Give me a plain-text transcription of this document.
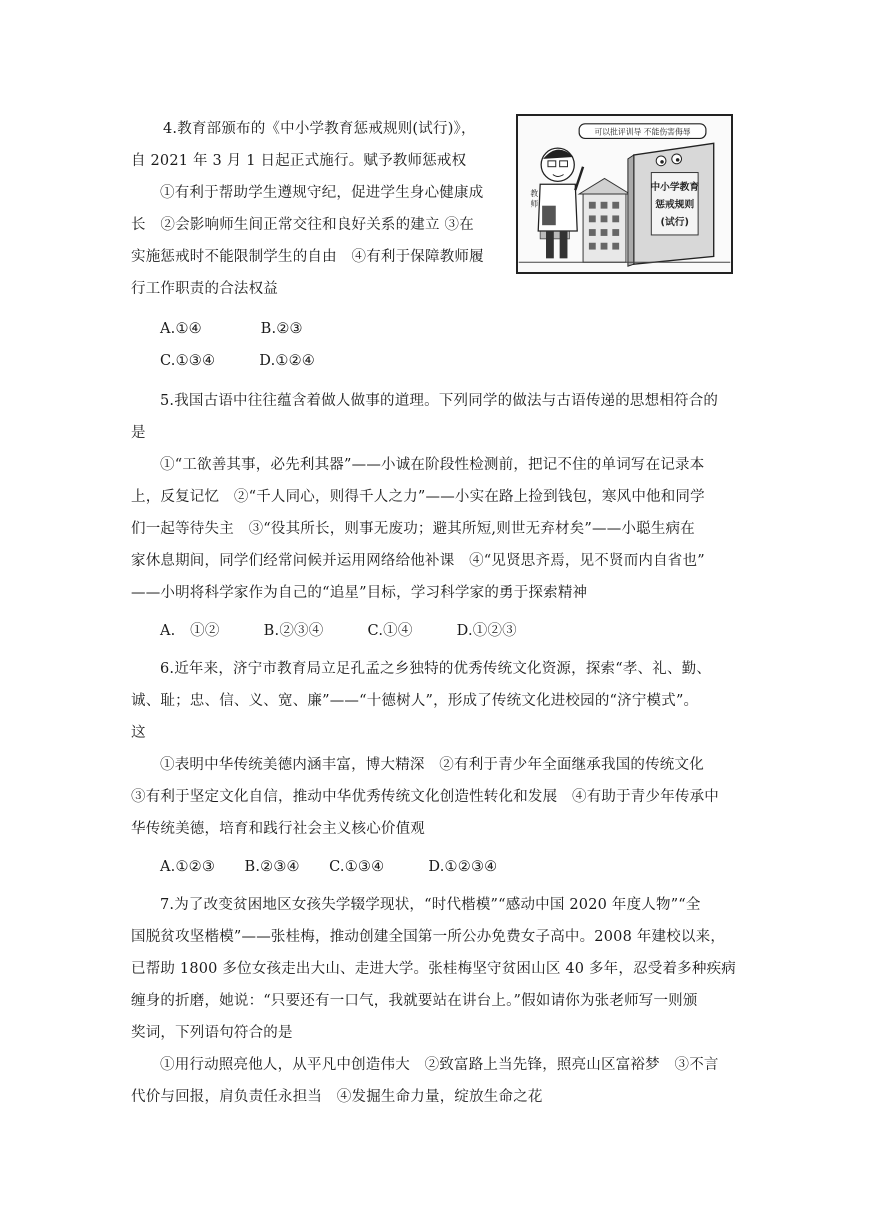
4.教育部颁布的《中小学教育惩戒规则(试行)》，
自 2021 年 3 月 1 日起正式施行。赋予教师惩戒权
①有利于帮助学生遵规守纪，促进学生身心健康成
长　②会影响师生间正常交往和良好关系的建立 ③在
实施惩戒时不能限制学生的自由　④有利于保障教师履
行工作职责的合法权益
A.①④　　　　B.②③
C.①③④　　　D.①②④
可以批评训导 不能伤害侮辱
教
师
中小学教育
惩戒规则
(试行)
5.我国古语中往往蕴含着做人做事的道理。下列同学的做法与古语传递的思想相符合的
是
①“工欲善其事，必先利其器”——小诚在阶段性检测前，把记不住的单词写在记录本
上，反复记忆　②“千人同心，则得千人之力”——小实在路上捡到钱包，寒风中他和同学
们一起等待失主　③“役其所长，则事无废功；避其所短,则世无弃材矣”——小聪生病在
家休息期间，同学们经常问候并运用网络给他补课　④“见贤思齐焉，见不贤而内自省也”
——小明将科学家作为自己的“追星”目标，学习科学家的勇于探索精神
A.　①②　　　B.②③④　　　C.①④　　　D.①②③
6.近年来，济宁市教育局立足孔孟之乡独特的优秀传统文化资源，探索“孝、礼、勤、
诚、耻；忠、信、义、宽、廉”——“十德树人”，形成了传统文化进校园的“济宁模式”。
这
①表明中华传统美德内涵丰富，博大精深　②有利于青少年全面继承我国的传统文化
③有利于坚定文化自信，推动中华优秀传统文化创造性转化和发展　④有助于青少年传承中
华传统美德，培育和践行社会主义核心价值观
A.①②③　　B.②③④　　C.①③④　　　D.①②③④
7.为了改变贫困地区女孩失学辍学现状，“时代楷模”“感动中国 2020 年度人物”“全
国脱贫攻坚楷模”——张桂梅，推动创建全国第一所公办免费女子高中。2008 年建校以来，
已帮助 1800 多位女孩走出大山、走进大学。张桂梅坚守贫困山区 40 多年，忍受着多种疾病
缠身的折磨，她说：“只要还有一口气，我就要站在讲台上。”假如请你为张老师写一则颁
奖词，下列语句符合的是
①用行动照亮他人，从平凡中创造伟大　②致富路上当先锋，照亮山区富裕梦　③不言
代价与回报，肩负责任永担当　④发掘生命力量，绽放生命之花
